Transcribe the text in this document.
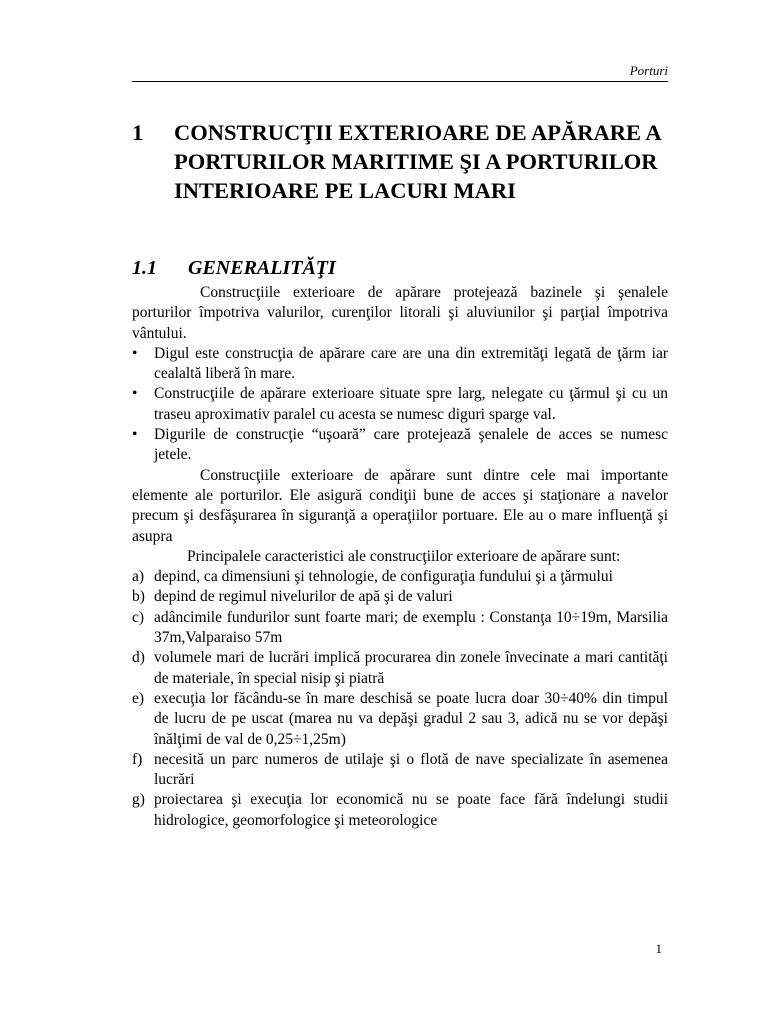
Porturi
1 CONSTRUCŢII EXTERIOARE DE APĂRARE A PORTURILOR MARITIME ŞI A PORTURILOR INTERIOARE PE LACURI MARI
1.1 GENERALITĂŢI

Construcţiile exterioare de apărare protejează bazinele şi şenalele porturilor împotriva valurilor, curenţilor litorali şi aluviunilor şi parţial împotriva vântului.

• Digul este construcţia de apărare care are una din extremităţi legată de ţărm iar cealaltă liberă în mare.
• Construcţiile de apărare exterioare situate spre larg, nelegate cu ţărmul şi cu un traseu aproximativ paralel cu acesta se numesc diguri sparge val.
• Digurile de construcţie “uşoară” care protejează şenalele de acces se numesc jetele.

Construcţiile exterioare de apărare sunt dintre cele mai importante elemente ale porturilor. Ele asigură condiţii bune de acces şi staţionare a navelor precum şi desfăşurarea în siguranţă a operaţiilor portuare. Ele au o mare influenţă şi asupra

Principalele caracteristici ale construcţiilor exterioare de apărare sunt:

a) depind, ca dimensiuni şi tehnologie, de configuraţia fundului şi a ţărmului
b) depind de regimul nivelurilor de apă şi de valuri
c) adâncimile fundurilor sunt foarte mari; de exemplu : Constanţa 10÷19m, Marsilia 37m,Valparaiso 57m
d) volumele mari de lucrări implică procurarea din zonele învecinate a mari cantităţi de materiale, în special nisip şi piatră
e) execuţia lor făcându-se în mare deschisă se poate lucra doar 30÷40% din timpul de lucru de pe uscat (marea nu va depăşi gradul 2 sau 3, adică nu se vor depăşi înălţimi de val de 0,25÷1,25m)
f) necesită un parc numeros de utilaje şi o flotă de nave specializate în asemenea lucrări
g) proiectarea şi execuţia lor economică nu se poate face fără îndelungi studii hidrologice, geomorfologice şi meteorologice
1
